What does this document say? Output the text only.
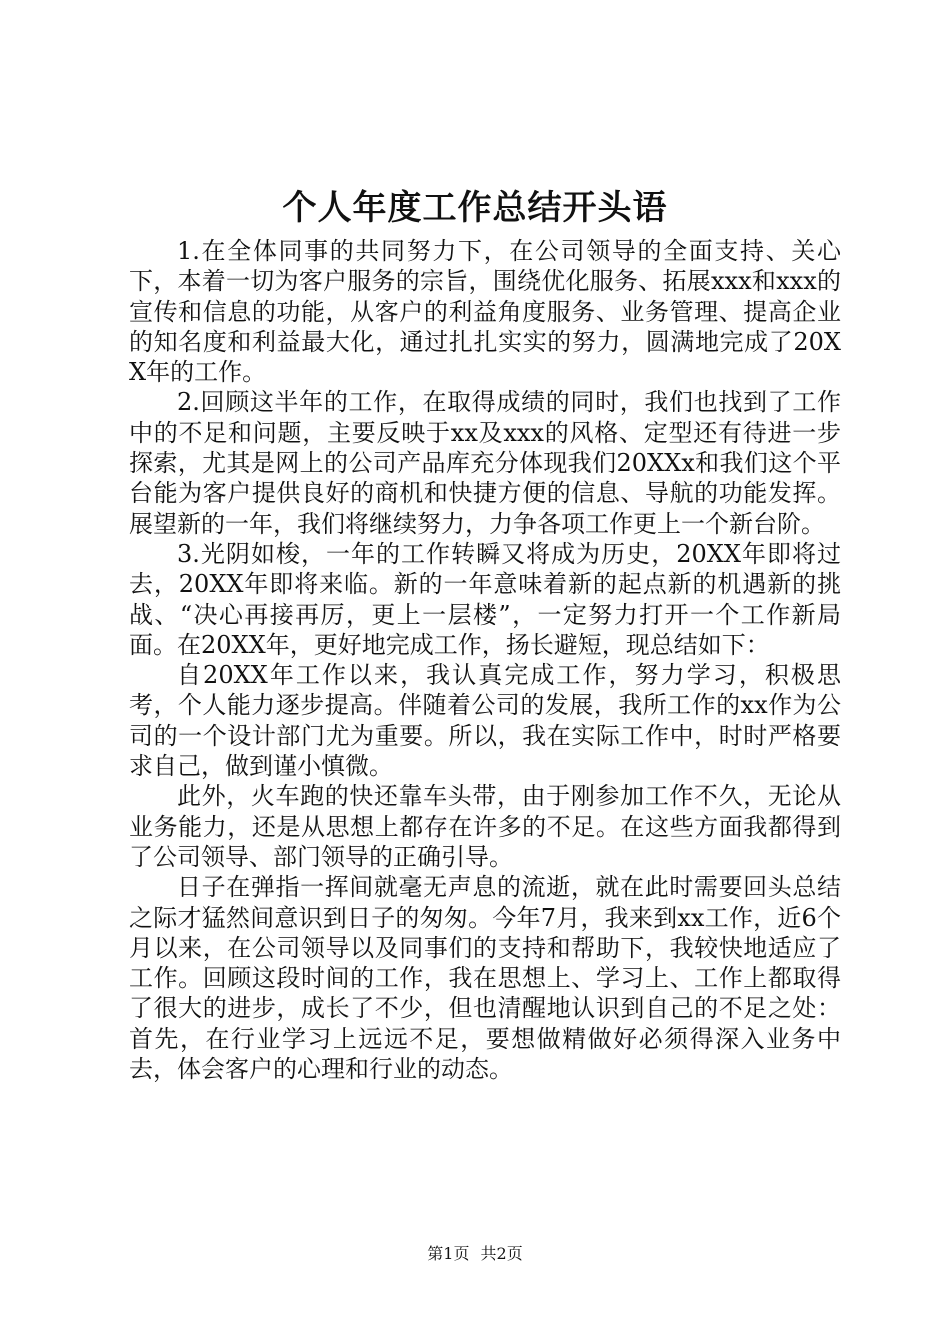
个人年度工作总结开头语

1.在全体同事的共同努力下，在公司领导的全面支持、关心下，本着一切为客户服务的宗旨，围绕优化服务、拓展xxx和xxx的宣传和信息的功能，从客户的利益角度服务、业务管理、提高企业的知名度和利益最大化，通过扎扎实实的努力，圆满地完成了20XX年的工作。

2.回顾这半年的工作，在取得成绩的同时，我们也找到了工作中的不足和问题，主要反映于xx及xxx的风格、定型还有待进一步探索，尤其是网上的公司产品库充分体现我们20XXx和我们这个平台能为客户提供良好的商机和快捷方便的信息、导航的功能发挥。展望新的一年，我们将继续努力，力争各项工作更上一个新台阶。

3.光阴如梭，一年的工作转瞬又将成为历史，20XX年即将过去，20XX年即将来临。新的一年意味着新的起点新的机遇新的挑战、“决心再接再厉，更上一层楼”，一定努力打开一个工作新局面。在20XX年，更好地完成工作，扬长避短，现总结如下：

自20XX年工作以来，我认真完成工作，努力学习，积极思考，个人能力逐步提高。伴随着公司的发展，我所工作的xx作为公司的一个设计部门尤为重要。所以，我在实际工作中，时时严格要求自己，做到谨小慎微。

此外，火车跑的快还靠车头带，由于刚参加工作不久，无论从业务能力，还是从思想上都存在许多的不足。在这些方面我都得到了公司领导、部门领导的正确引导。

日子在弹指一挥间就毫无声息的流逝，就在此时需要回头总结之际才猛然间意识到日子的匆匆。今年7月，我来到xx工作，近6个月以来，在公司领导以及同事们的支持和帮助下，我较快地适应了工作。回顾这段时间的工作，我在思想上、学习上、工作上都取得了很大的进步，成长了不少，但也清醒地认识到自己的不足之处：首先，在行业学习上远远不足，要想做精做好必须得深入业务中去，体会客户的心理和行业的动态。

第1页 共2页
